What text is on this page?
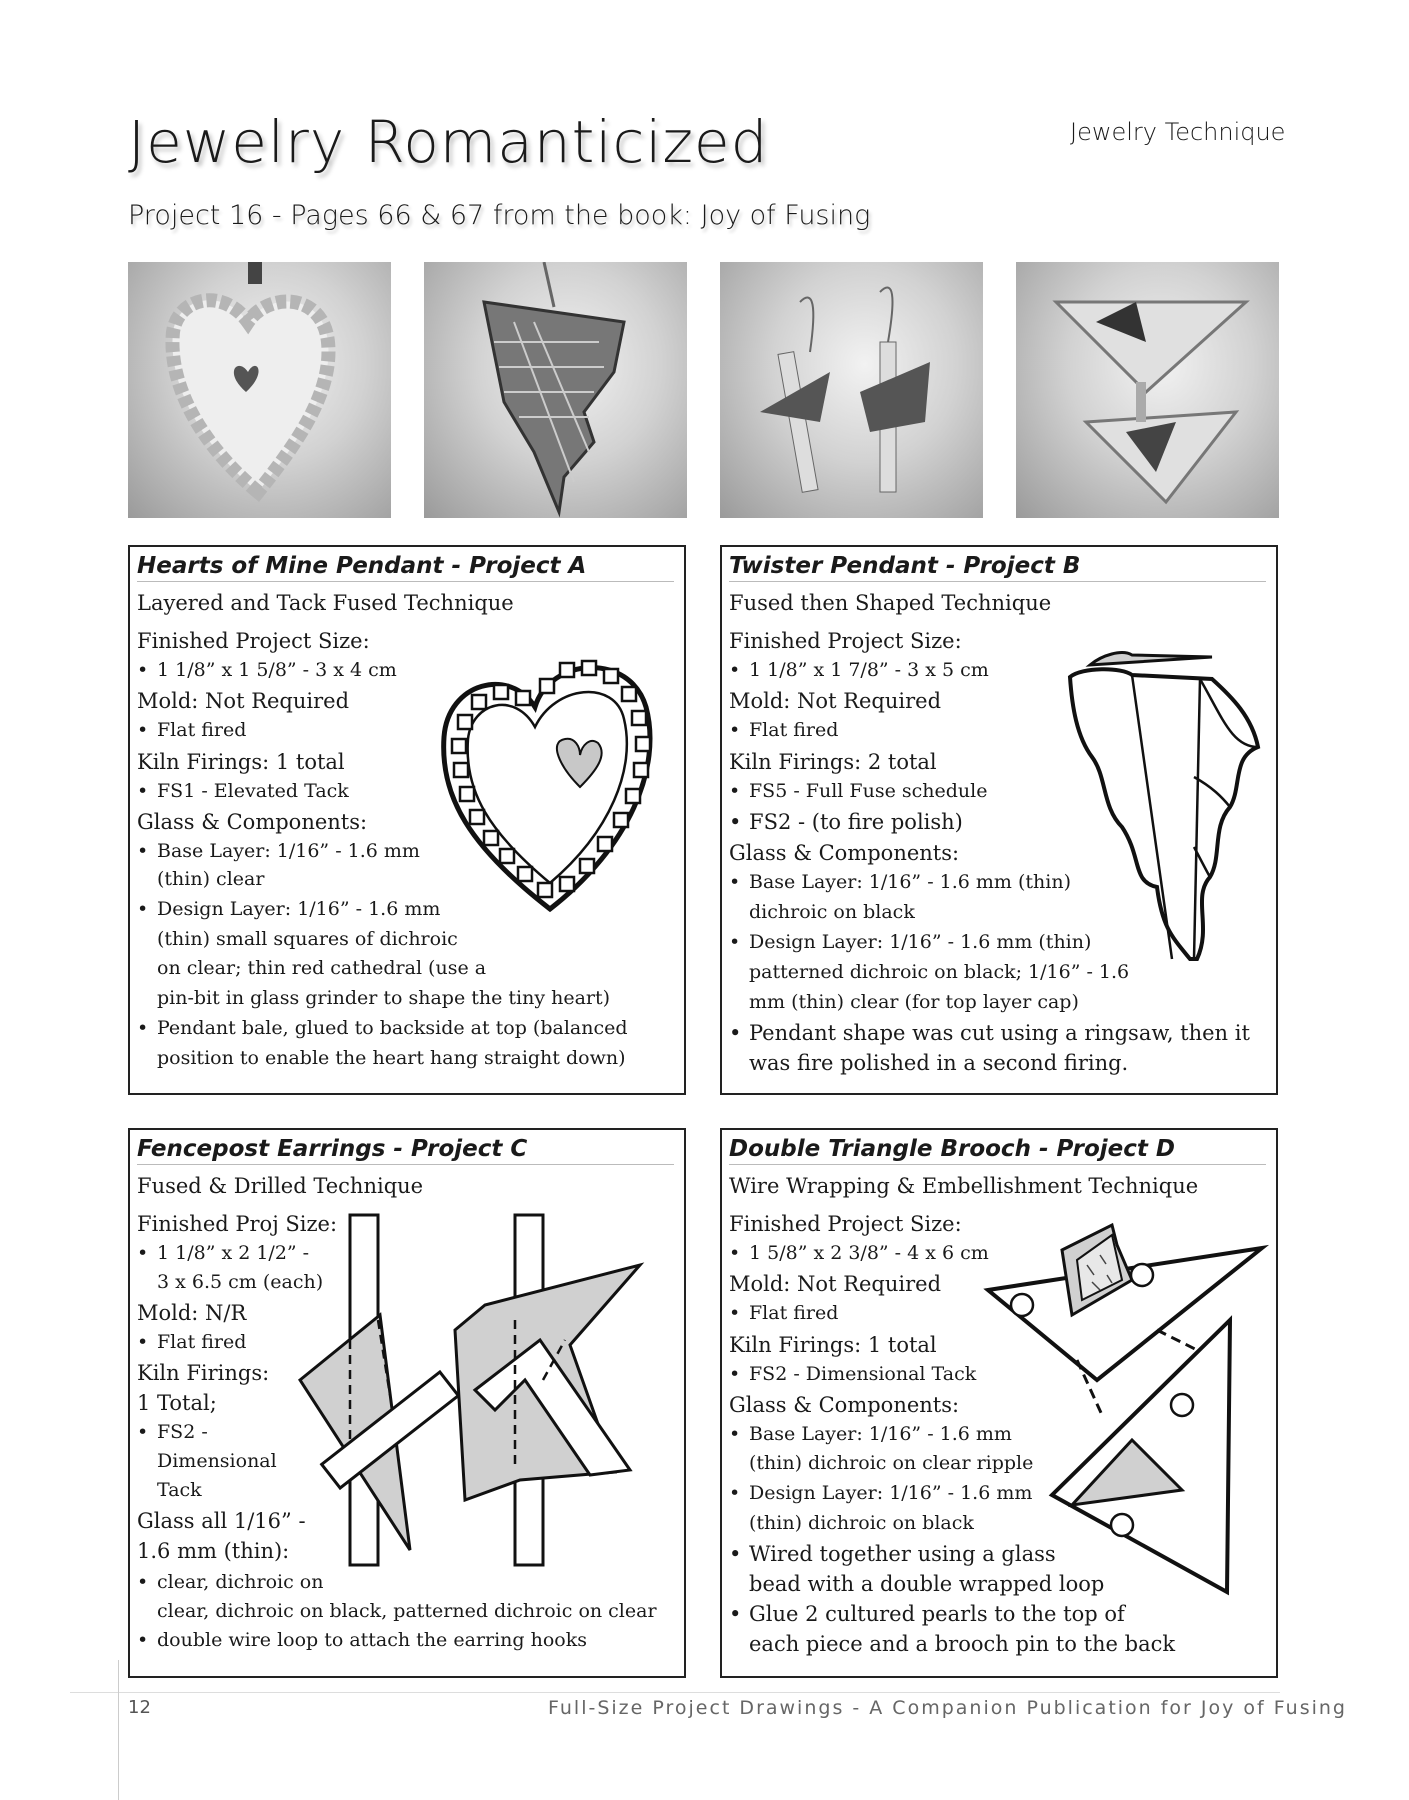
Jewelry Romanticized	Jewelry Technique
Project 16 - Pages 66 & 67 from the book: Joy of Fusing
Hearts of Mine Pendant - Project A
Layered and Tack Fused Technique
Finished Project Size:
• 1 1/8” x 1 5/8” - 3 x 4 cm
Mold: Not Required
• Flat fired
Kiln Firings: 1 total
• FS1 - Elevated Tack
Glass & Components:
• Base Layer: 1/16” - 1.6 mm
(thin) clear
• Design Layer: 1/16” - 1.6 mm
(thin) small squares of dichroic
on clear; thin red cathedral (use a
pin-bit in glass grinder to shape the tiny heart)
• Pendant bale, glued to backside at top (balanced
position to enable the heart hang straight down)
Twister Pendant - Project B
Fused then Shaped Technique
Finished Project Size:
• 1 1/8” x 1 7/8” - 3 x 5 cm
Mold: Not Required
• Flat fired
Kiln Firings: 2 total
• FS5 - Full Fuse schedule
• FS2 - (to fire polish)
Glass & Components:
• Base Layer: 1/16” - 1.6 mm (thin)
dichroic on black
• Design Layer: 1/16” - 1.6 mm (thin)
patterned dichroic on black; 1/16” - 1.6
mm (thin) clear (for top layer cap)
• Pendant shape was cut using a ringsaw, then it
was fire polished in a second firing.
Fencepost Earrings - Project C
Fused & Drilled Technique
Finished Proj Size:
• 1 1/8” x 2 1/2” -
3 x 6.5 cm (each)
Mold: N/R
• Flat fired
Kiln Firings:
1 Total;
• FS2 -
Dimensional
Tack
Glass all 1/16” -
1.6 mm (thin):
• clear, dichroic on
clear, dichroic on black, patterned dichroic on clear
• double wire loop to attach the earring hooks
Double Triangle Brooch - Project D
Wire Wrapping & Embellishment Technique
Finished Project Size:
• 1 5/8” x 2 3/8” - 4 x 6 cm
Mold: Not Required
• Flat fired
Kiln Firings: 1 total
• FS2 - Dimensional Tack
Glass & Components:
• Base Layer: 1/16” - 1.6 mm
(thin) dichroic on clear ripple
• Design Layer: 1/16” - 1.6 mm
(thin) dichroic on black
• Wired together using a glass
bead with a double wrapped loop
• Glue 2 cultured pearls to the top of
each piece and a brooch pin to the back
12	Full-Size Project Drawings - A Companion Publication for Joy of Fusing
